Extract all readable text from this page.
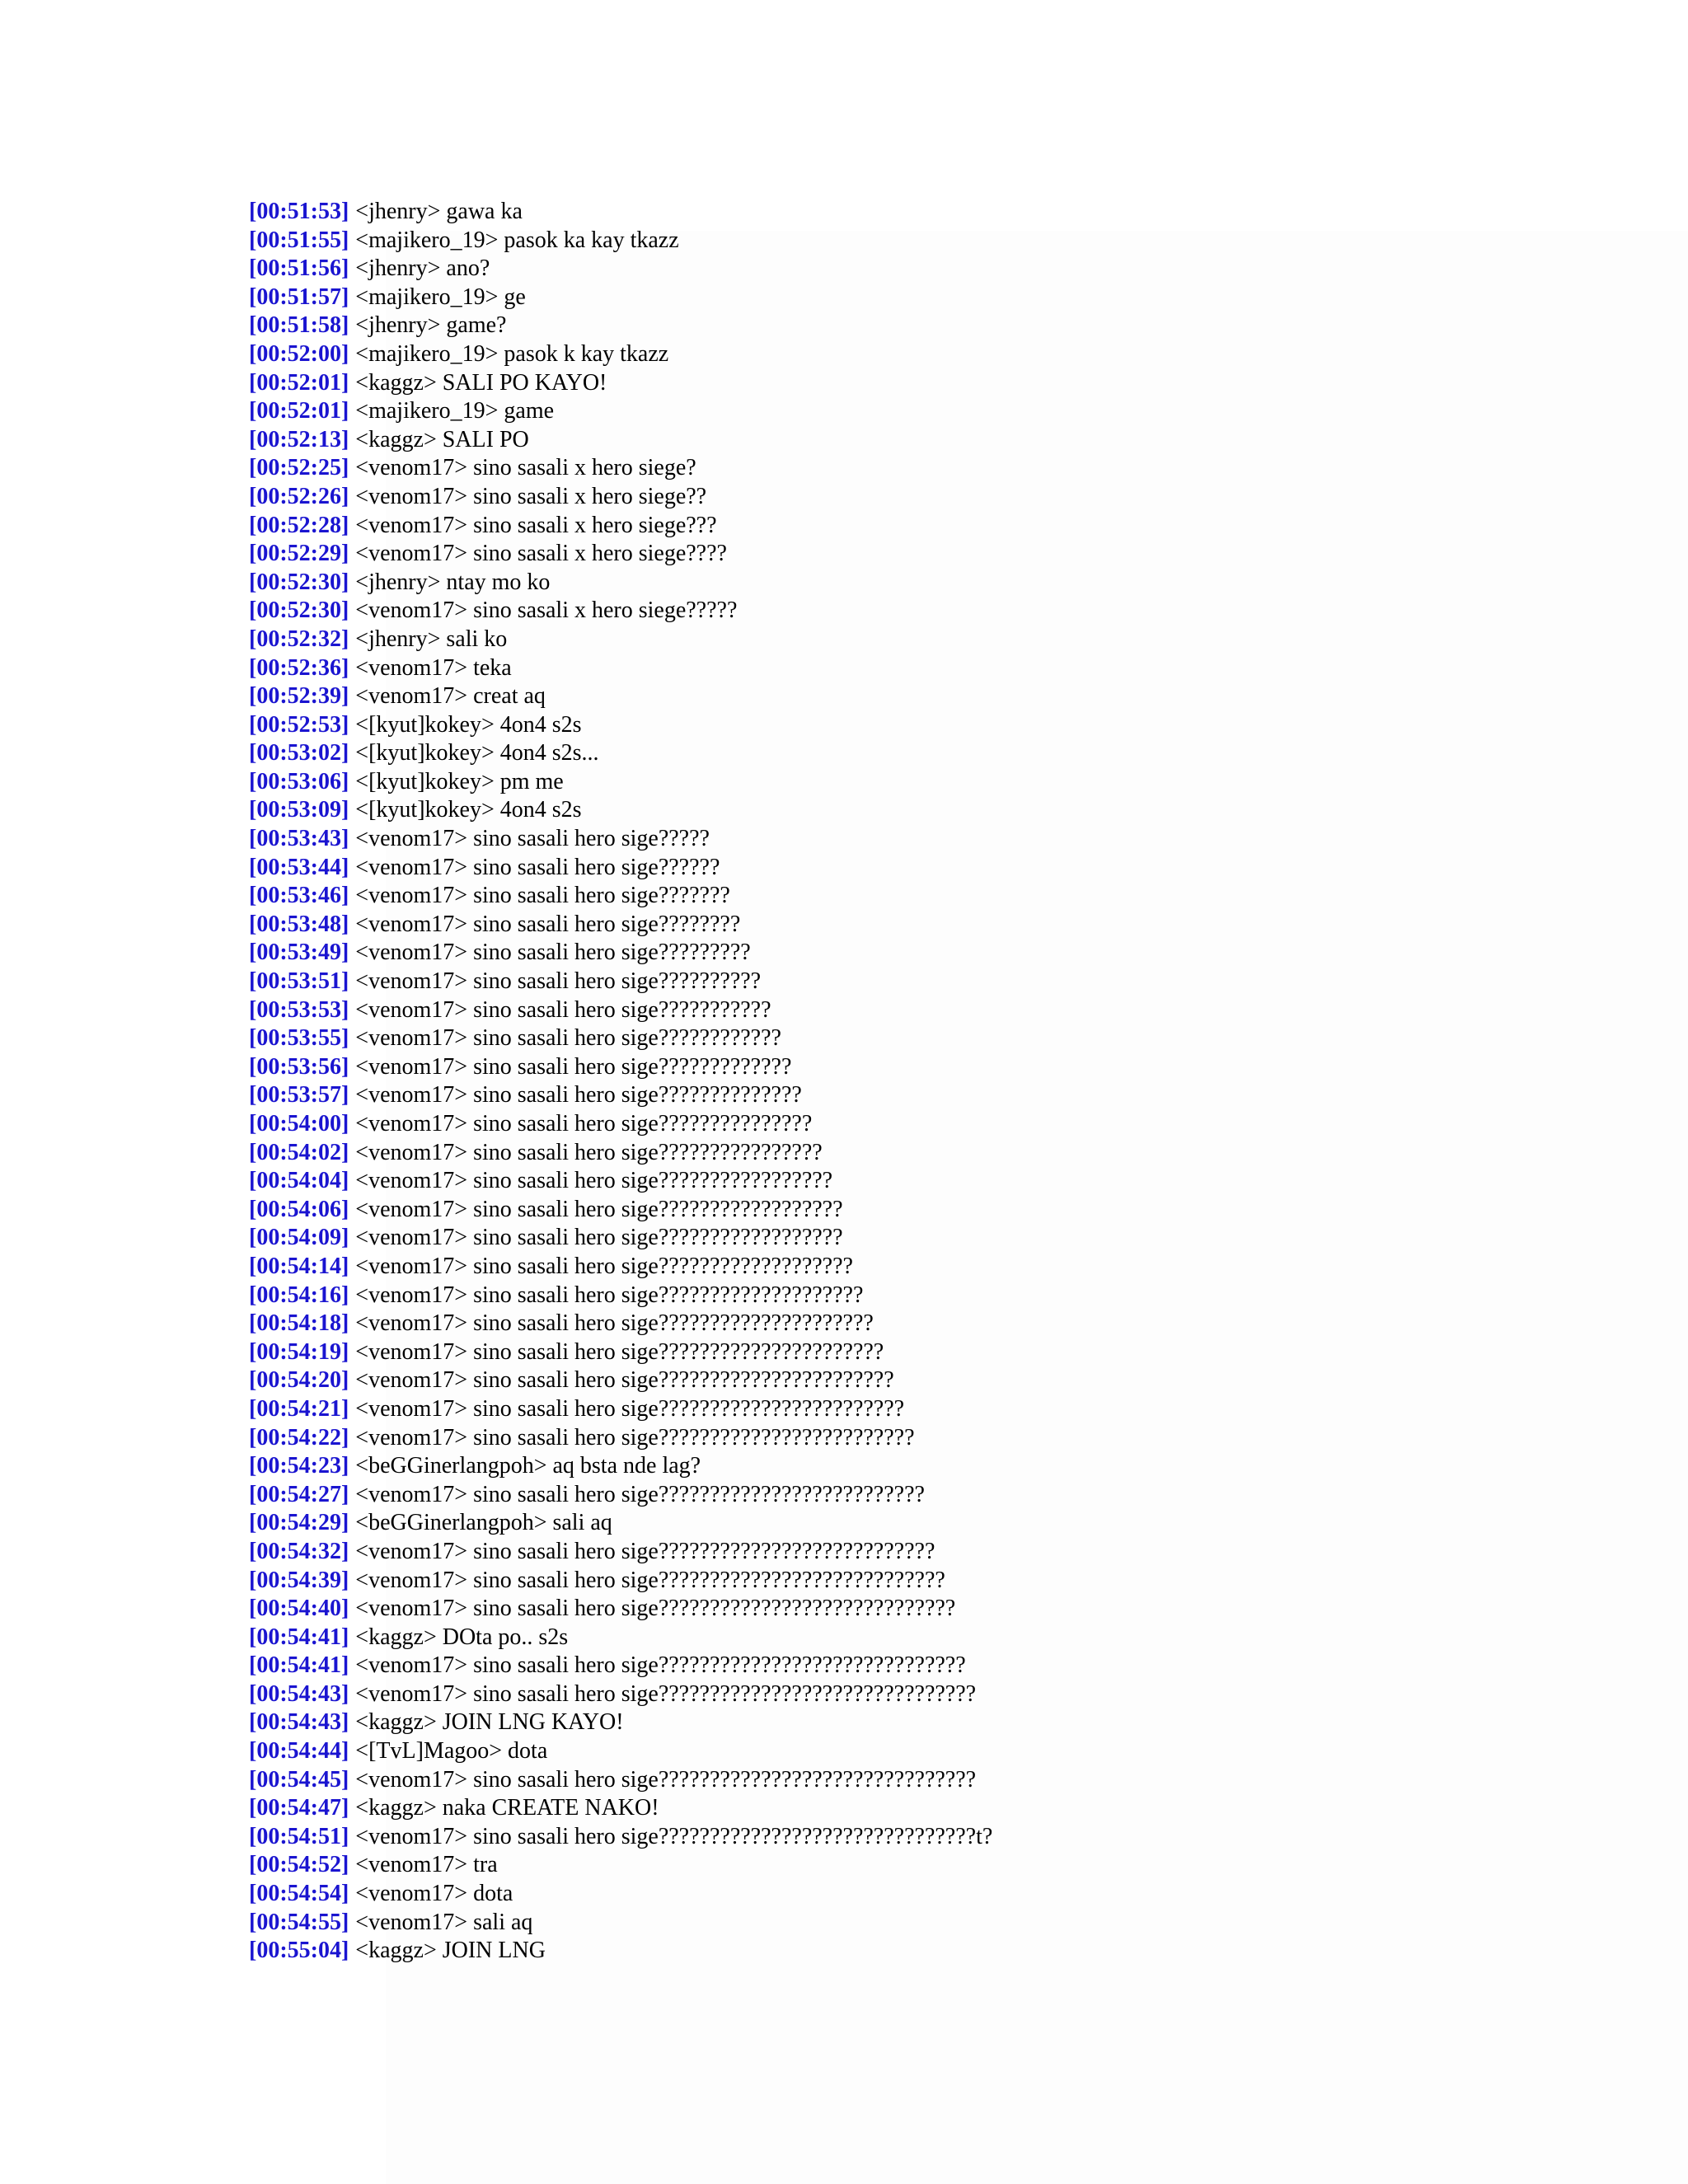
[00:51:53] <jhenry> gawa ka
[00:51:55] <majikero_19> pasok ka kay tkazz
[00:51:56] <jhenry> ano?
[00:51:57] <majikero_19> ge
[00:51:58] <jhenry> game?
[00:52:00] <majikero_19> pasok k kay tkazz
[00:52:01] <kaggz> SALI PO KAYO!
[00:52:01] <majikero_19> game
[00:52:13] <kaggz> SALI PO
[00:52:25] <venom17> sino sasali x hero siege?
[00:52:26] <venom17> sino sasali x hero siege??
[00:52:28] <venom17> sino sasali x hero siege???
[00:52:29] <venom17> sino sasali x hero siege????
[00:52:30] <jhenry> ntay mo ko
[00:52:30] <venom17> sino sasali x hero siege?????
[00:52:32] <jhenry> sali ko
[00:52:36] <venom17> teka
[00:52:39] <venom17> creat aq
[00:52:53] <[kyut]kokey> 4on4 s2s
[00:53:02] <[kyut]kokey> 4on4 s2s...
[00:53:06] <[kyut]kokey> pm me
[00:53:09] <[kyut]kokey> 4on4 s2s
[00:53:43] <venom17> sino sasali hero sige?????
[00:53:44] <venom17> sino sasali hero sige??????
[00:53:46] <venom17> sino sasali hero sige???????
[00:53:48] <venom17> sino sasali hero sige????????
[00:53:49] <venom17> sino sasali hero sige?????????
[00:53:51] <venom17> sino sasali hero sige??????????
[00:53:53] <venom17> sino sasali hero sige???????????
[00:53:55] <venom17> sino sasali hero sige????????????
[00:53:56] <venom17> sino sasali hero sige?????????????
[00:53:57] <venom17> sino sasali hero sige??????????????
[00:54:00] <venom17> sino sasali hero sige???????????????
[00:54:02] <venom17> sino sasali hero sige????????????????
[00:54:04] <venom17> sino sasali hero sige?????????????????
[00:54:06] <venom17> sino sasali hero sige??????????????????
[00:54:09] <venom17> sino sasali hero sige??????????????????
[00:54:14] <venom17> sino sasali hero sige???????????????????
[00:54:16] <venom17> sino sasali hero sige????????????????????
[00:54:18] <venom17> sino sasali hero sige?????????????????????
[00:54:19] <venom17> sino sasali hero sige??????????????????????
[00:54:20] <venom17> sino sasali hero sige???????????????????????
[00:54:21] <venom17> sino sasali hero sige????????????????????????
[00:54:22] <venom17> sino sasali hero sige?????????????????????????
[00:54:23] <beGGinerlangpoh> aq bsta nde lag?
[00:54:27] <venom17> sino sasali hero sige??????????????????????????
[00:54:29] <beGGinerlangpoh> sali aq
[00:54:32] <venom17> sino sasali hero sige???????????????????????????
[00:54:39] <venom17> sino sasali hero sige????????????????????????????
[00:54:40] <venom17> sino sasali hero sige?????????????????????????????
[00:54:41] <kaggz> DOta po.. s2s
[00:54:41] <venom17> sino sasali hero sige??????????????????????????????
[00:54:43] <venom17> sino sasali hero sige???????????????????????????????
[00:54:43] <kaggz> JOIN LNG KAYO!
[00:54:44] <[TvL]Magoo> dota
[00:54:45] <venom17> sino sasali hero sige???????????????????????????????
[00:54:47] <kaggz> naka CREATE NAKO!
[00:54:51] <venom17> sino sasali hero sige???????????????????????????????t?
[00:54:52] <venom17> tra
[00:54:54] <venom17> dota
[00:54:55] <venom17> sali aq
[00:55:04] <kaggz> JOIN LNG
